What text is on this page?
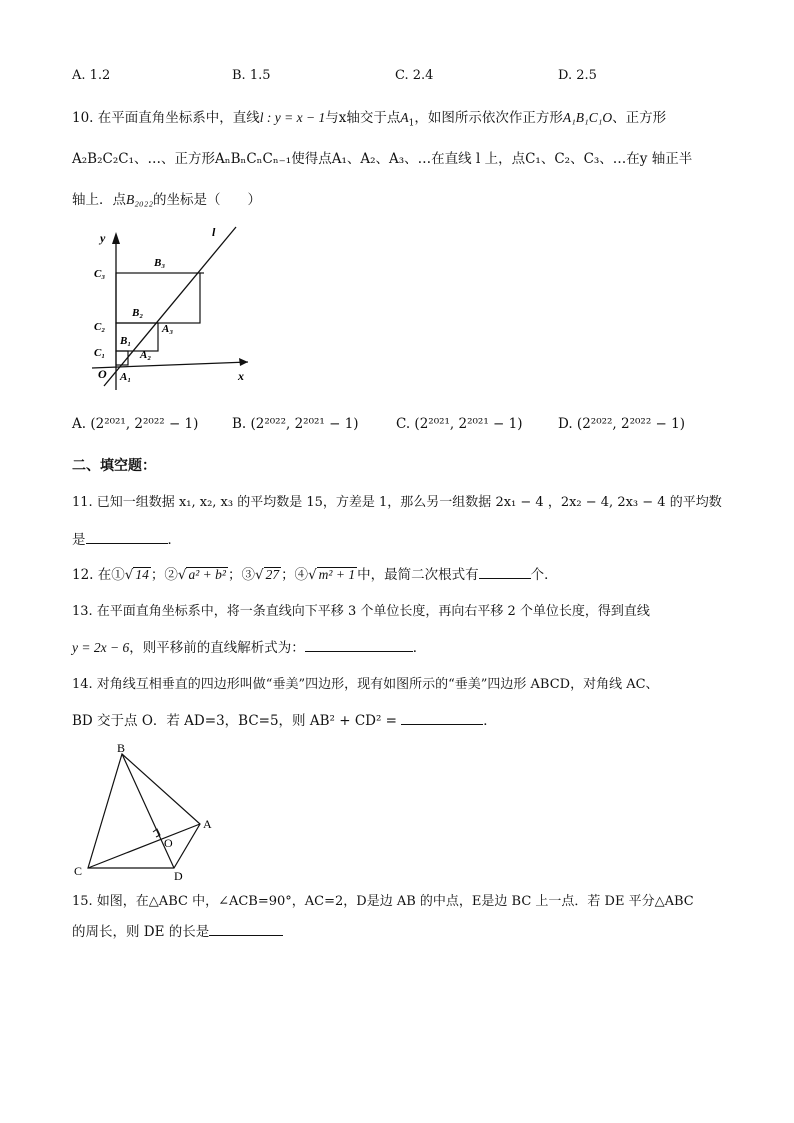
A. 1.2	B. 1.5	C. 2.4	D. 2.5
10. 在平面直角坐标系中，直线l : y = x − 1与x轴交于点$A_1$，如图所示依次作正方形A₁B₁C₁O、正方形
A₂B₂C₂C₁、…、正方形AₙBₙCₙCₙ₋₁使得点A₁、A₂、A₃、…在直线 l 上，点C₁、C₂、C₃、…在y 轴正半
轴上．点B₂₀₂₂的坐标是（　　）
y
x
l
O A₁
A₂
A₃
C₁
C₂
C₃
B₁
B₂
B₃
A. (2²⁰²¹, 2²⁰²² − 1) B. (2²⁰²², 2²⁰²¹ − 1)	C. (2²⁰²¹, 2²⁰²¹ − 1)	D. (2²⁰²², 2²⁰²² − 1)
二、填空题：
11. 已知一组数据 x₁, x₂, x₃ 的平均数是 15，方差是 1，那么另一组数据 2x₁ − 4 ，2x₂ − 4, 2x₃ − 4 的平均数
是	．
12. 在①√ 14 ；②√ a² + b² ；③√ 27 ；④√ m² + 1 中，最简二次根式有	个．
13. 在平面直角坐标系中，将一条直线向下平移 3 个单位长度，再向右平移 2 个单位长度，得到直线
y = 2x − 6，则平移前的直线解析式为：	．
14. 对角线互相垂直的四边形叫做“垂美”四边形，现有如图所示的“垂美”四边形 ABCD，对角线 AC、
BD 交于点 O．若 AD=3，BC=5，则 AB² + CD² =	．
B
A
C	D
O
15. 如图，在△ABC 中，∠ACB=90°，AC=2，D是边 AB 的中点，E是边 BC 上一点．若 DE 平分△ABC
的周长，则 DE 的长是
